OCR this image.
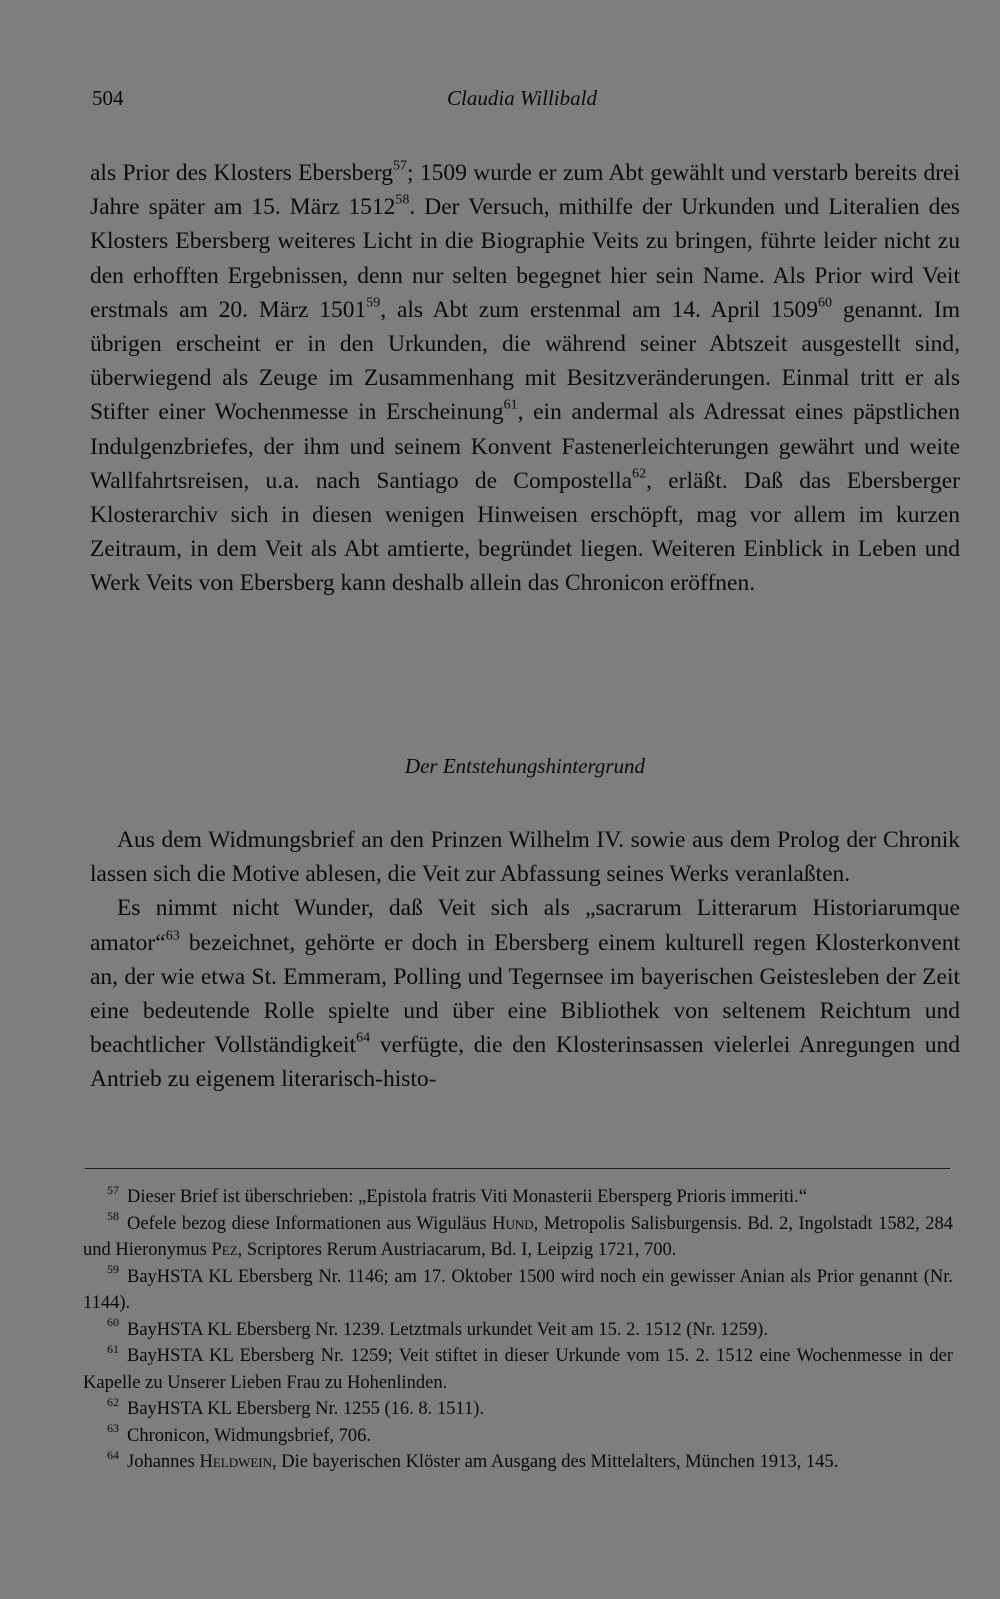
504	Claudia Willibald

als Prior des Klosters Ebersberg$^{57}$; 1509 wurde er zum Abt gewählt und verstarb bereits drei Jahre später am 15. März 1512$^{58}$. Der Versuch, mithilfe der Urkunden und Literalien des Klosters Ebersberg weiteres Licht in die Biographie Veits zu bringen, führte leider nicht zu den erhofften Ergebnissen, denn nur selten begegnet hier sein Name. Als Prior wird Veit erstmals am 20. März 1501$^{59}$, als Abt zum erstenmal am 14. April 1509$^{60}$ genannt. Im übrigen erscheint er in den Urkunden, die während seiner Abtszeit ausgestellt sind, überwiegend als Zeuge im Zusammenhang mit Besitzveränderungen. Einmal tritt er als Stifter einer Wochenmesse in Erscheinung$^{61}$, ein andermal als Adressat eines päpstlichen Indulgenzbriefes, der ihm und seinem Konvent Fastenerleichterungen gewährt und weite Wallfahrtsreisen, u.a. nach Santiago de Compostella$^{62}$, erläßt. Daß das Ebersberger Klosterarchiv sich in diesen wenigen Hinweisen erschöpft, mag vor allem im kurzen Zeitraum, in dem Veit als Abt amtierte, begründet liegen. Weiteren Einblick in Leben und Werk Veits von Ebersberg kann deshalb allein das Chronicon eröffnen.

Der Entstehungshintergrund

Aus dem Widmungsbrief an den Prinzen Wilhelm IV. sowie aus dem Prolog der Chronik lassen sich die Motive ablesen, die Veit zur Abfassung seines Werks veranlaßten.

Es nimmt nicht Wunder, daß Veit sich als „sacrarum Litterarum Historiarumque amator“$^{63}$ bezeichnet, gehörte er doch in Ebersberg einem kulturell regen Klosterkonvent an, der wie etwa St. Emmeram, Polling und Tegernsee im bayerischen Geistesleben der Zeit eine bedeutende Rolle spielte und über eine Bibliothek von seltenem Reichtum und beachtlicher Vollständigkeit$^{64}$ verfügte, die den Klosterinsassen vielerlei Anregungen und Antrieb zu eigenem literarisch-histo-

$^{57}$ Dieser Brief ist überschrieben: „Epistola fratris Viti Monasterii Ebersperg Prioris immeriti.“

$^{58}$ Oefele bezog diese Informationen aus Wiguläus Hund, Metropolis Salisburgensis. Bd. 2, Ingolstadt 1582, 284 und Hieronymus Pez, Scriptores Rerum Austriacarum, Bd. I, Leipzig 1721, 700.

$^{59}$ BayHSTA KL Ebersberg Nr. 1146; am 17. Oktober 1500 wird noch ein gewisser Anian als Prior genannt (Nr. 1144).

$^{60}$ BayHSTA KL Ebersberg Nr. 1239. Letztmals urkundet Veit am 15. 2. 1512 (Nr. 1259).

$^{61}$ BayHSTA KL Ebersberg Nr. 1259; Veit stiftet in dieser Urkunde vom 15. 2. 1512 eine Wochenmesse in der Kapelle zu Unserer Lieben Frau zu Hohenlinden.

$^{62}$ BayHSTA KL Ebersberg Nr. 1255 (16. 8. 1511).

$^{63}$ Chronicon, Widmungsbrief, 706.

$^{64}$ Johannes Heldwein, Die bayerischen Klöster am Ausgang des Mittelalters, München 1913, 145.
